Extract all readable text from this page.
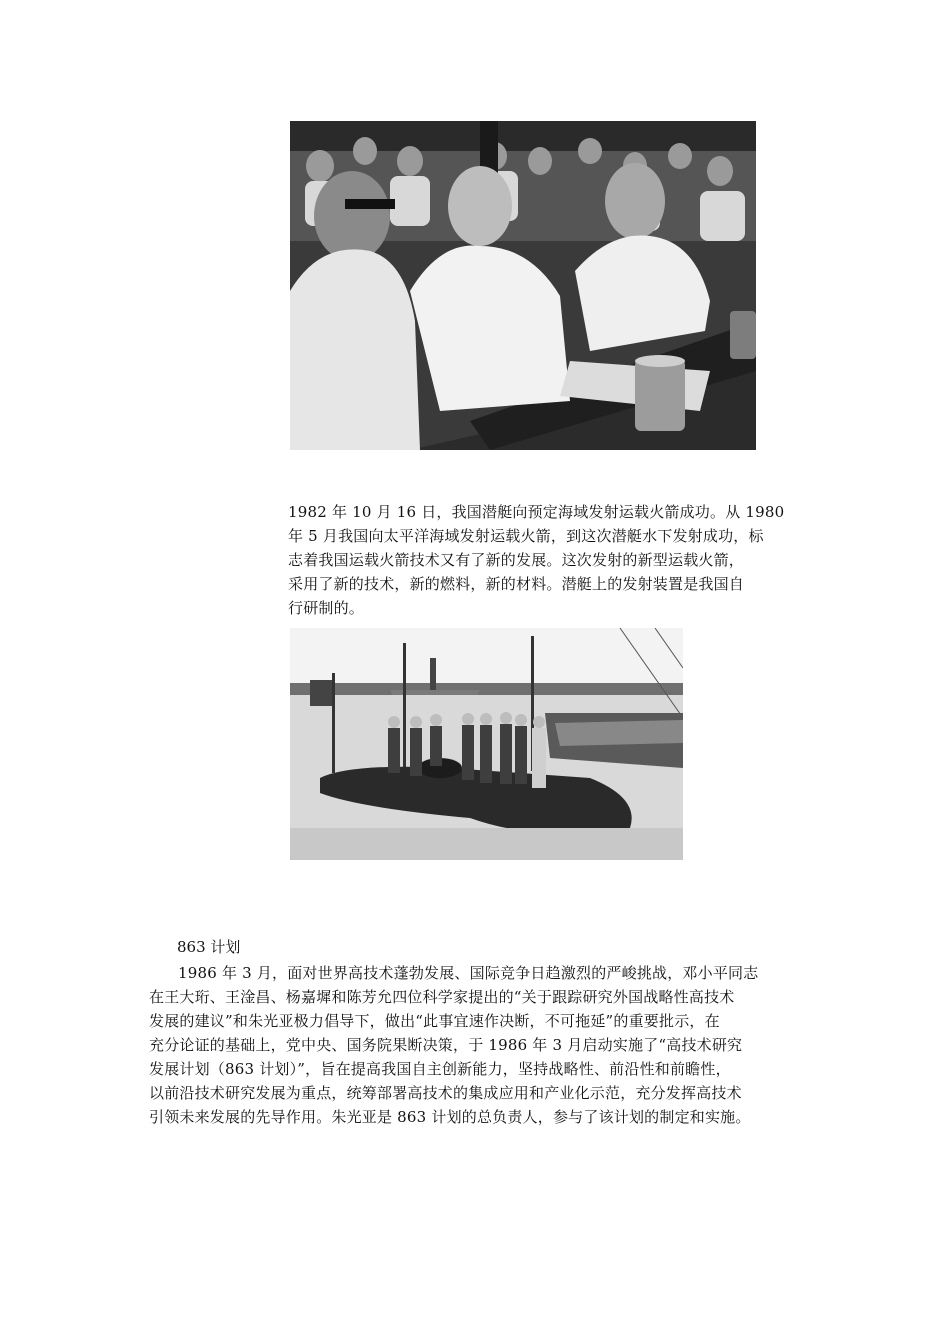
1982 年 10 月 16 日，我国潜艇向预定海域发射运载火箭成功。从 1980

年 5 月我国向太平洋海域发射运载火箭，到这次潜艇水下发射成功，标

志着我国运载火箭技术又有了新的发展。这次发射的新型运载火箭，

采用了新的技术，新的燃料，新的材料。潜艇上的发射装置是我国自

行研制的。

863 计划

1986 年 3 月，面对世界高技术蓬勃发展、国际竞争日趋激烈的严峻挑战，邓小平同志

在王大珩、王淦昌、杨嘉墀和陈芳允四位科学家提出的“关于跟踪研究外国战略性高技术

发展的建议”和朱光亚极力倡导下，做出“此事宜速作决断，不可拖延”的重要批示，在

充分论证的基础上，党中央、国务院果断决策，于 1986 年 3 月启动实施了“高技术研究

发展计划（863 计划）”，旨在提高我国自主创新能力，坚持战略性、前沿性和前瞻性，

以前沿技术研究发展为重点，统筹部署高技术的集成应用和产业化示范，充分发挥高技术

引领未来发展的先导作用。朱光亚是 863 计划的总负责人，参与了该计划的制定和实施。
